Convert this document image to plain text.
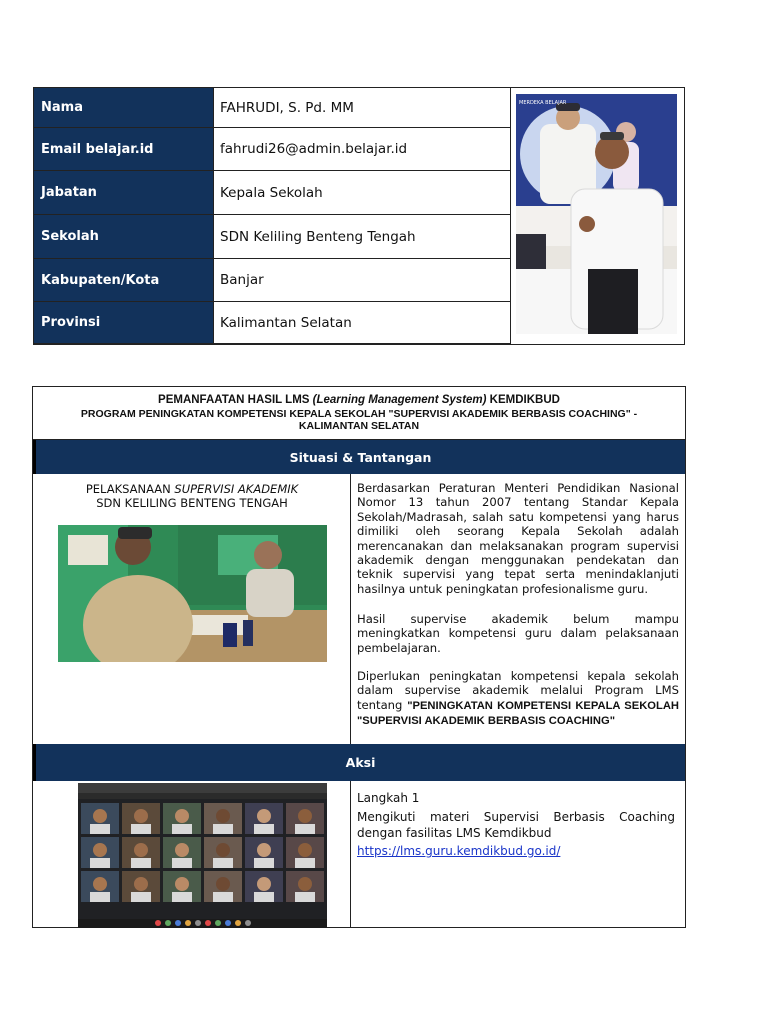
Nama	FAHRUDI, S. Pd. MM
Email belajar.id	fahrudi26@admin.belajar.id
Jabatan	Kepala Sekolah
Sekolah	SDN Keliling Benteng Tengah
Kabupaten/Kota	Banjar
Provinsi	Kalimantan Selatan
MERDEKA BELAJAR
PEMANFAATAN HASIL LMS (Learning Management System) KEMDIKBUD
PROGRAM PENINGKATAN KOMPETENSI KEPALA SEKOLAH "SUPERVISI AKADEMIK BERBASIS COACHING" - KALIMANTAN SELATAN
Situasi & Tantangan
PELAKSANAAN SUPERVISI AKADEMIK
SDN KELILING BENTENG TENGAH
Berdasarkan Peraturan Menteri Pendidikan Nasional Nomor 13 tahun 2007 tentang Standar Kepala Sekolah/Madrasah, salah satu kompetensi yang harus dimiliki oleh seorang Kepala Sekolah adalah merencanakan dan melaksanakan program supervisi akademik dengan menggunakan pendekatan dan teknik supervisi yang tepat serta menindaklanjuti hasilnya untuk peningkatan profesionalisme guru.
Hasil supervise akademik belum mampu meningkatkan kompetensi guru dalam pelaksanaan pembelajaran.
Diperlukan peningkatan kompetensi kepala sekolah dalam supervise akademik melalui Program LMS tentang "PENINGKATAN KOMPETENSI KEPALA SEKOLAH "SUPERVISI AKADEMIK BERBASIS COACHING"
Aksi
Langkah 1
Mengikuti materi Supervisi Berbasis Coaching dengan fasilitas LMS Kemdikbud
https://lms.guru.kemdikbud.go.id/
